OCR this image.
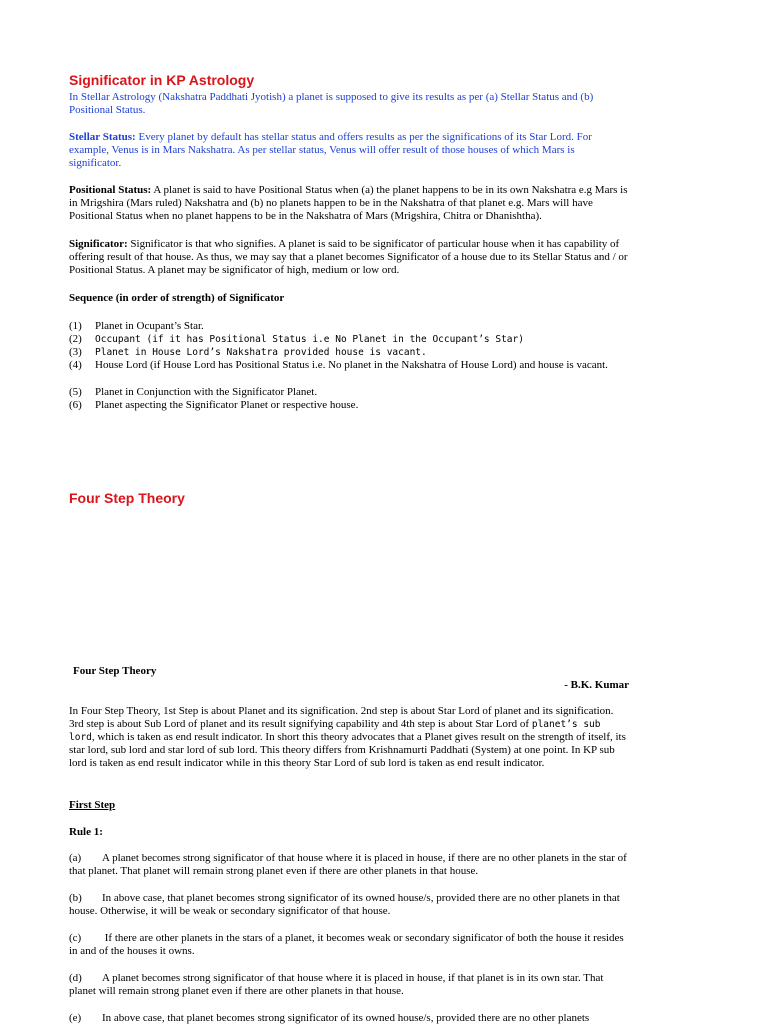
Significator in KP Astrology

In Stellar Astrology (Nakshatra Paddhati Jyotish) a planet is supposed to give its results as per (a) Stellar Status and (b) Positional Status.

Stellar Status: Every planet by default has stellar status and offers results as per the significations of its Star Lord. For example, Venus is in Mars Nakshatra. As per stellar status, Venus will offer result of those houses of which Mars is significator.

Positional Status: A planet is said to have Positional Status when (a) the planet happens to be in its own Nakshatra e.g Mars is in Mrigshira (Mars ruled) Nakshatra and (b) no planets happen to be in the Nakshatra of that planet e.g. Mars will have Positional Status when no planet happens to be in the Nakshatra of Mars (Mrigshira, Chitra or Dhanishtha).

Significator: Significator is that who signifies. A planet is said to be significator of particular house when it has capability of offering result of that house. As thus, we may say that a planet becomes Significator of a house due to its Stellar Status and / or Positional Status. A planet may be significator of high, medium or low ord.

Sequence (in order of strength) of Significator

(1) Planet in Ocupant’s Star.

(2) Occupant (if it has Positional Status i.e No Planet in the Occupant’s Star)

(3) Planet in House Lord’s Nakshatra provided house is vacant.

(4) House Lord (if House Lord has Positional Status i.e. No planet in the Nakshatra of House Lord) and house is vacant.

(5) Planet in Conjunction with the Significator Planet.

(6) Planet aspecting the Significator Planet or respective house.

Four Step Theory

Four Step Theory

- B.K. Kumar

In Four Step Theory, 1st Step is about Planet and its signification. 2nd step is about Star Lord of planet and its signification. 3rd step is about Sub Lord of planet and its result signifying capability and 4th step is about Star Lord of planet’s sub lord, which is taken as end result indicator. In short this theory advocates that a Planet gives result on the strength of itself, its star lord, sub lord and star lord of sub lord. This theory differs from Krishnamurti Paddhati (System) at one point. In KP sub lord is taken as end result indicator while in this theory Star Lord of sub lord is taken as end result indicator.

First Step

Rule 1:

(a) A planet becomes strong significator of that house where it is placed in house, if there are no other planets in the star of that planet. That planet will remain strong planet even if there are other planets in that house.

(b) In above case, that planet becomes strong significator of its owned house/s, provided there are no other planets in that house. Otherwise, it will be weak or secondary significator of that house.

(c) If there are other planets in the stars of a planet, it becomes weak or secondary significator of both the house it resides in and of the houses it owns.

(d) A planet becomes strong significator of that house where it is placed in house, if that planet is in its own star. That planet will remain strong planet even if there are other planets in that house.

(e) In above case, that planet becomes strong significator of its owned house/s, provided there are no other planets
